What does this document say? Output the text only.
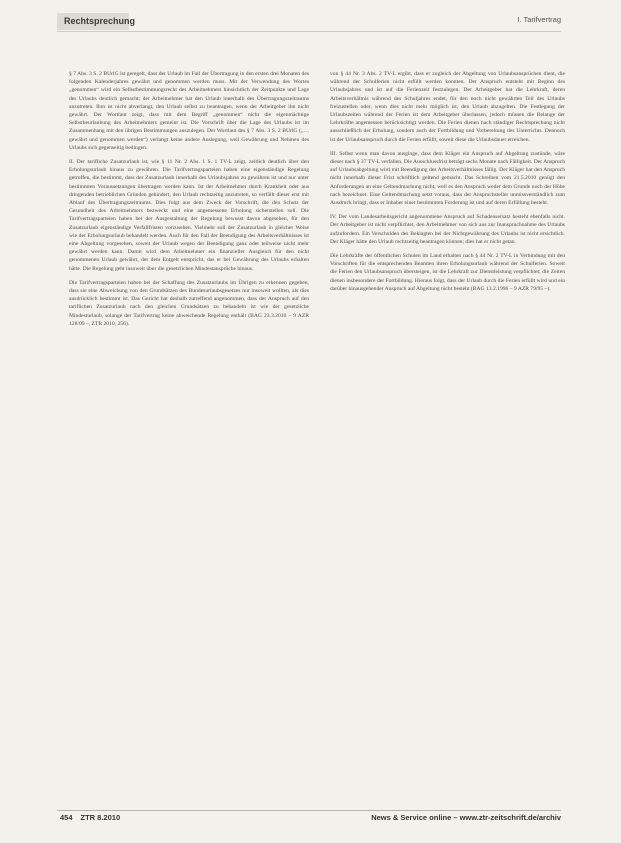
Rechtsprechung	I. Tarifvertrag

§ 7 Abs. 3 S. 2 BUrlG ist geregelt, dass der Urlaub im Fall der Übertragung in den ersten drei Monaten des folgenden Kalenderjahres gewährt und genommen werden muss. Mit der Verwendung des Wortes „genommen“ wird ein Selbstbestimmungsrecht des Arbeitnehmers hinsichtlich der Zeitpunkte und Lage des Urlaubs deutlich gemacht; der Arbeitnehmer hat den Urlaub innerhalb des Übertragungszeitraums anzutreten. Ihm ist nicht abverlangt, den Urlaub selbst zu beantragen, wenn der Arbeitgeber ihn nicht gewährt. Der Wortlaut zeigt, dass mit dem Begriff „genommen“ nicht die eigenmächtige Selbstbeurlaubung des Arbeitnehmers gemeint ist. Die Vorschrift über die Lage des Urlaubs ist im Zusammenhang mit den übrigen Bestimmungen auszulegen. Der Wortlaut des § 7 Abs. 3 S. 2 BUrlG („… gewährt und genommen werden“) verlangt keine andere Auslegung, weil Gewährung und Nehmen des Urlaubs sich gegenseitig bedingen.

II. Der tarifliche Zusatzurlaub ist, wie § 11 Nr. 2 Abs. 1 S. 1 TV-L zeigt, zeitlich deutlich über den Erholungsurlaub hinaus zu gewähren. Die Tarifvertragsparteien haben eine eigenständige Regelung getroffen, die bestimmt, dass der Zusatzurlaub innerhalb des Urlaubsjahres zu gewähren ist und nur unter bestimmten Voraussetzungen übertragen werden kann. Ist der Arbeitnehmer durch Krankheit oder aus dringenden betrieblichen Gründen gehindert, den Urlaub rechtzeitig anzutreten, so verfällt dieser erst mit Ablauf des Übertragungszeitraums. Dies folgt aus dem Zweck der Vorschrift, die den Schutz der Gesundheit des Arbeitnehmers bezweckt und eine angemessene Erholung sicherstellen soll. Die Tarifvertragsparteien haben bei der Ausgestaltung der Regelung bewusst davon abgesehen, für den Zusatzurlaub eigenständige Verfallfristen vorzusehen. Vielmehr soll der Zusatzurlaub in gleicher Weise wie der Erholungsurlaub behandelt werden. Auch für den Fall der Beendigung des Arbeitsverhältnisses ist eine Abgeltung vorgesehen, soweit der Urlaub wegen der Beendigung ganz oder teilweise nicht mehr gewährt werden kann. Damit wird dem Arbeitnehmer ein finanzieller Ausgleich für den nicht genommenen Urlaub gewährt, der dem Entgelt entspricht, das er bei Gewährung des Urlaubs erhalten hätte. Die Regelung geht insoweit über die gesetzlichen Mindestansprüche hinaus.

Die Tarifvertragsparteien haben bei der Schaffung des Zusatzurlaubs im Übrigen zu erkennen gegeben, dass sie eine Abweichung von den Grundsätzen des Bundesurlaubsgesetzes nur insoweit wollten, als dies ausdrücklich bestimmt ist. Das Gericht hat deshalb zutreffend angenommen, dass der Anspruch auf den tariflichen Zusatzurlaub nach den gleichen Grundsätzen zu behandeln ist wie der gesetzliche Mindesturlaub, solange der Tarifvertrag keine abweichende Regelung enthält (BAG 23.3.2010 – 9 AZR 128/09 –, ZTR 2010, 256).

von § 44 Nr. 3 Abs. 2 TV-L ergibt, dass er zugleich der Abgeltung von Urlaubsansprüchen dient, die während der Schulferien nicht erfüllt werden konnten. Der Anspruch entsteht mit Beginn des Urlaubsjahres und ist auf die Ferienzeit festzulegen. Der Arbeitgeber hat die Lehrkraft, deren Arbeitsverhältnis während des Schuljahres endet, für den noch nicht gewährten Teil des Urlaubs freizustellen oder, wenn dies nicht mehr möglich ist, den Urlaub abzugelten. Die Festlegung der Urlaubszeiten während der Ferien ist dem Arbeitgeber überlassen, jedoch müssen die Belange der Lehrkräfte angemessen berücksichtigt werden. Die Ferien dienen nach ständiger Rechtsprechung nicht ausschließlich der Erholung, sondern auch der Fortbildung und Vorbereitung des Unterrichts. Dennoch ist der Urlaubsanspruch durch die Ferien erfüllt, soweit diese die Urlaubsdauer erreichen.

III. Selbst wenn man davon ausginge, dass dem Kläger ein Anspruch auf Abgeltung zustünde, wäre dieser nach § 37 TV-L verfallen. Die Ausschlussfrist beträgt sechs Monate nach Fälligkeit. Der Anspruch auf Urlaubsabgeltung wird mit Beendigung des Arbeitsverhältnisses fällig. Der Kläger hat den Anspruch nicht innerhalb dieser Frist schriftlich geltend gemacht. Das Schreiben vom 21.5.2010 genügt den Anforderungen an eine Geltendmachung nicht, weil es den Anspruch weder dem Grunde noch der Höhe nach bezeichnet. Eine Geltendmachung setzt voraus, dass der Anspruchsteller unmissverständlich zum Ausdruck bringt, dass er Inhaber einer bestimmten Forderung ist und auf deren Erfüllung besteht.

IV. Der vom Landesarbeitsgericht angenommene Anspruch auf Schadensersatz besteht ebenfalls nicht. Der Arbeitgeber ist nicht verpflichtet, den Arbeitnehmer von sich aus zur Inanspruchnahme des Urlaubs aufzufordern. Ein Verschulden des Beklagten bei der Nichtgewährung des Urlaubs ist nicht ersichtlich. Der Kläger hätte den Urlaub rechtzeitig beantragen können; dies hat er nicht getan.

Die Lehrkräfte der öffentlichen Schulen im Land erhalten nach § 44 Nr. 2 TV-L in Verbindung mit den Vorschriften für die entsprechenden Beamten ihren Erholungsurlaub während der Schulferien. Soweit die Ferien den Urlaubsanspruch übersteigen, ist die Lehrkraft zur Dienstleistung verpflichtet; die Zeiten dienen insbesondere der Fortbildung. Hieraus folgt, dass der Urlaub durch die Ferien erfüllt wird und ein darüber hinausgehender Anspruch auf Abgeltung nicht besteht (BAG 13.2.1996 – 9 AZR 79/95 –).

454 ZTR 8.2010	News & Service online – www.ztr-zeitschrift.de/archiv
